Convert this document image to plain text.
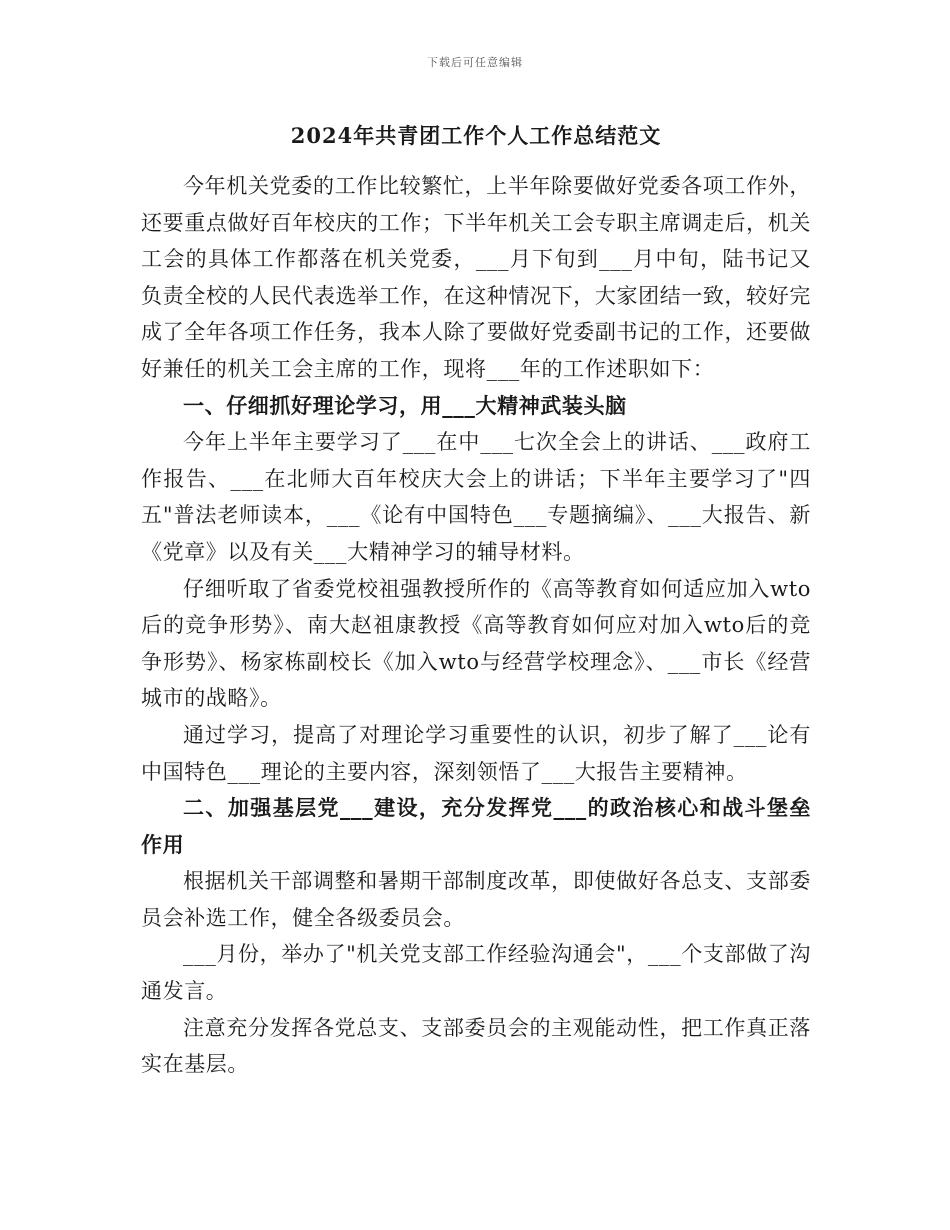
下载后可任意编辑
2024年共青团工作个人工作总结范文

今年机关党委的工作比较繁忙，上半年除要做好党委各项工作外，还要重点做好百年校庆的工作；下半年机关工会专职主席调走后，机关工会的具体工作都落在机关党委，___月下旬到___月中旬，陆书记又负责全校的人民代表选举工作，在这种情况下，大家团结一致，较好完成了全年各项工作任务，我本人除了要做好党委副书记的工作，还要做好兼任的机关工会主席的工作，现将___年的工作述职如下：

一、仔细抓好理论学习，用___大精神武装头脑

今年上半年主要学习了___在中___七次全会上的讲话、___政府工作报告、___在北师大百年校庆大会上的讲话；下半年主要学习了"四五"普法老师读本，___《论有中国特色___专题摘编》、___大报告、新《党章》以及有关___大精神学习的辅导材料。

仔细听取了省委党校祖强教授所作的《高等教育如何适应加入wto后的竞争形势》、南大赵祖康教授《高等教育如何应对加入wto后的竞争形势》、杨家栋副校长《加入wto与经营学校理念》、___市长《经营城市的战略》。

通过学习，提高了对理论学习重要性的认识，初步了解了___论有中国特色___理论的主要内容，深刻领悟了___大报告主要精神。

二、加强基层党___建设，充分发挥党___的政治核心和战斗堡垒作用

根据机关干部调整和暑期干部制度改革，即使做好各总支、支部委员会补选工作，健全各级委员会。

___月份，举办了"机关党支部工作经验沟通会"，___个支部做了沟通发言。

注意充分发挥各党总支、支部委员会的主观能动性，把工作真正落实在基层。
